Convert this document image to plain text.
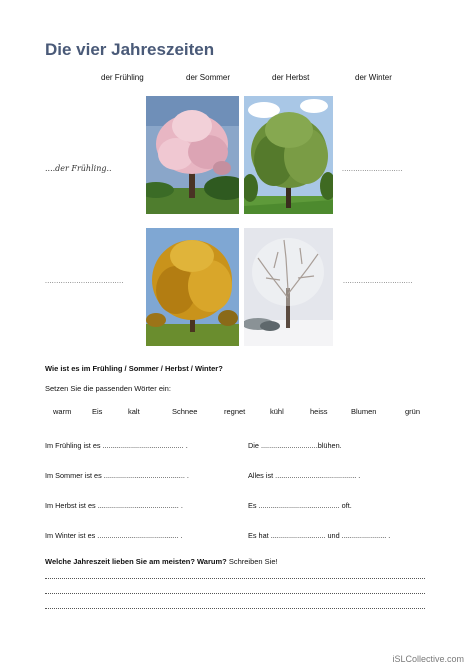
Die vier Jahreszeiten
der Frühling	der Sommer	der Herbst	der Winter
....der Frühling..	...........................
...................................	...............................
Wie ist es im Frühling / Sommer / Herbst / Winter?
Setzen Sie die passenden Wörter ein:
warm	Eis	kalt	Schnee	regnet	kühl	heiss	Blumen	grün
Im Frühling ist es ........................................ .	Die ............................blühen.
Im Sommer ist es ........................................ .	Alles ist ........................................ .
Im Herbst ist es ........................................ .	Es ........................................ oft.
Im Winter ist es ........................................ .	Es hat ........................... und ...................... .
Welche Jahreszeit lieben Sie am meisten? Warum? Schreiben Sie!
iSLCollective.com
